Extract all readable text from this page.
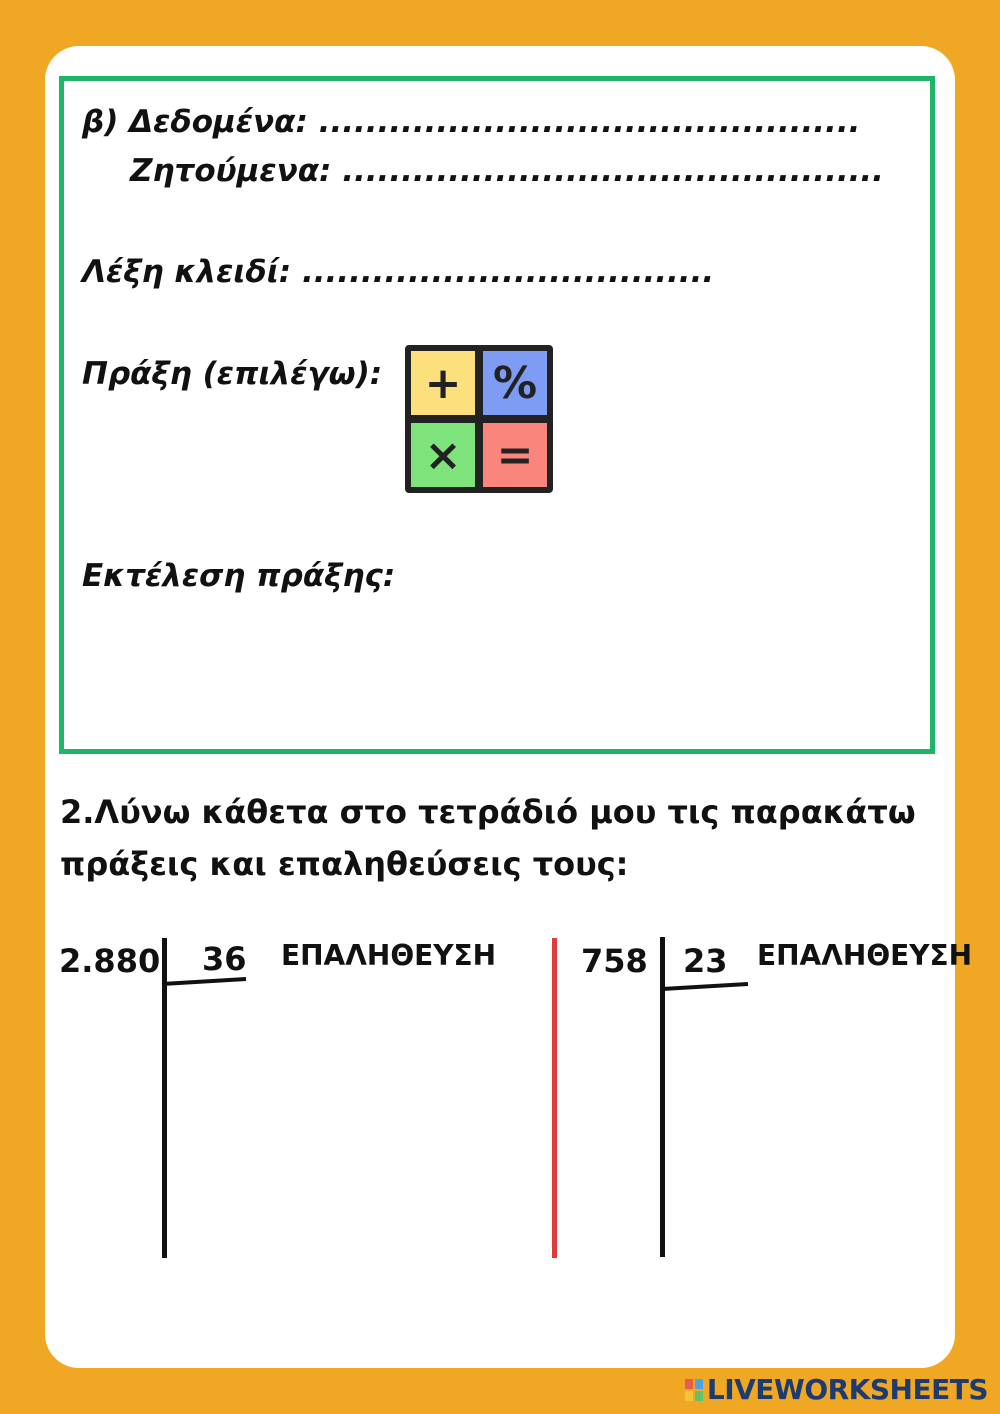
β) Δεδομένα: ..............................................
Ζητούμενα: ..............................................
Λέξη κλειδί: ...................................
Πράξη (επιλέγω): + %
× =
Εκτέλεση πράξης:
2.Λύνω κάθετα στο τετράδιό μου τις παρακάτω
πράξεις και επαληθεύσεις τους:
2.880 36 ΕΠΑΛΗΘΕΥΣΗ	758 23 ΕΠΑΛΗΘΕΥΣΗ
LIVEWORKSHEETS
